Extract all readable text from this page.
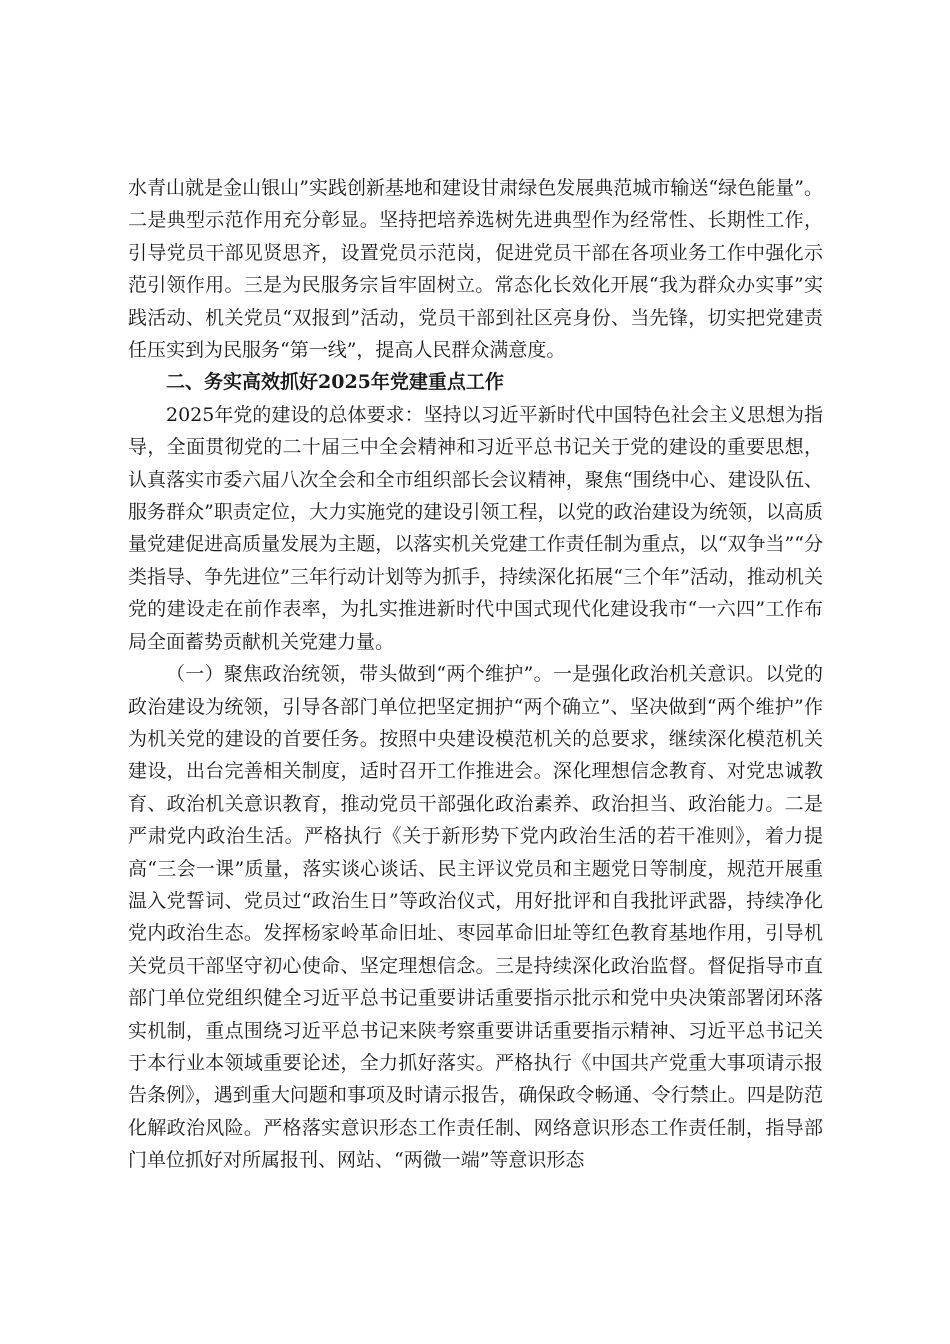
水青山就是金山银山”实践创新基地和建设甘肃绿色发展典范城市输送“绿色能量”。二是典型示范作用充分彰显。坚持把培养选树先进典型作为经常性、长期性工作，引导党员干部见贤思齐，设置党员示范岗，促进党员干部在各项业务工作中强化示范引领作用。三是为民服务宗旨牢固树立。常态化长效化开展“我为群众办实事”实践活动、机关党员“双报到”活动，党员干部到社区亮身份、当先锋，切实把党建责任压实到为民服务“第一线”，提高人民群众满意度。

二、务实高效抓好2025年党建重点工作

2025年党的建设的总体要求：坚持以习近平新时代中国特色社会主义思想为指导，全面贯彻党的二十届三中全会精神和习近平总书记关于党的建设的重要思想，认真落实市委六届八次全会和全市组织部长会议精神，聚焦“围绕中心、建设队伍、服务群众”职责定位，大力实施党的建设引领工程，以党的政治建设为统领，以高质量党建促进高质量发展为主题，以落实机关党建工作责任制为重点，以“双争当”“分类指导、争先进位”三年行动计划等为抓手，持续深化拓展“三个年”活动，推动机关党的建设走在前作表率，为扎实推进新时代中国式现代化建设我市“一六四”工作布局全面蓄势贡献机关党建力量。

（一）聚焦政治统领，带头做到“两个维护”。一是强化政治机关意识。以党的政治建设为统领，引导各部门单位把坚定拥护“两个确立”、坚决做到“两个维护”作为机关党的建设的首要任务。按照中央建设模范机关的总要求，继续深化模范机关建设，出台完善相关制度，适时召开工作推进会。深化理想信念教育、对党忠诚教育、政治机关意识教育，推动党员干部强化政治素养、政治担当、政治能力。二是严肃党内政治生活。严格执行《关于新形势下党内政治生活的若干准则》，着力提高“三会一课”质量，落实谈心谈话、民主评议党员和主题党日等制度，规范开展重温入党誓词、党员过“政治生日”等政治仪式，用好批评和自我批评武器，持续净化党内政治生态。发挥杨家岭革命旧址、枣园革命旧址等红色教育基地作用，引导机关党员干部坚守初心使命、坚定理想信念。三是持续深化政治监督。督促指导市直部门单位党组织健全习近平总书记重要讲话重要指示批示和党中央决策部署闭环落实机制，重点围绕习近平总书记来陕考察重要讲话重要指示精神、习近平总书记关于本行业本领域重要论述，全力抓好落实。严格执行《中国共产党重大事项请示报告条例》，遇到重大问题和事项及时请示报告，确保政令畅通、令行禁止。四是防范化解政治风险。严格落实意识形态工作责任制、网络意识形态工作责任制，指导部门单位抓好对所属报刊、网站、“两微一端”等意识形态
